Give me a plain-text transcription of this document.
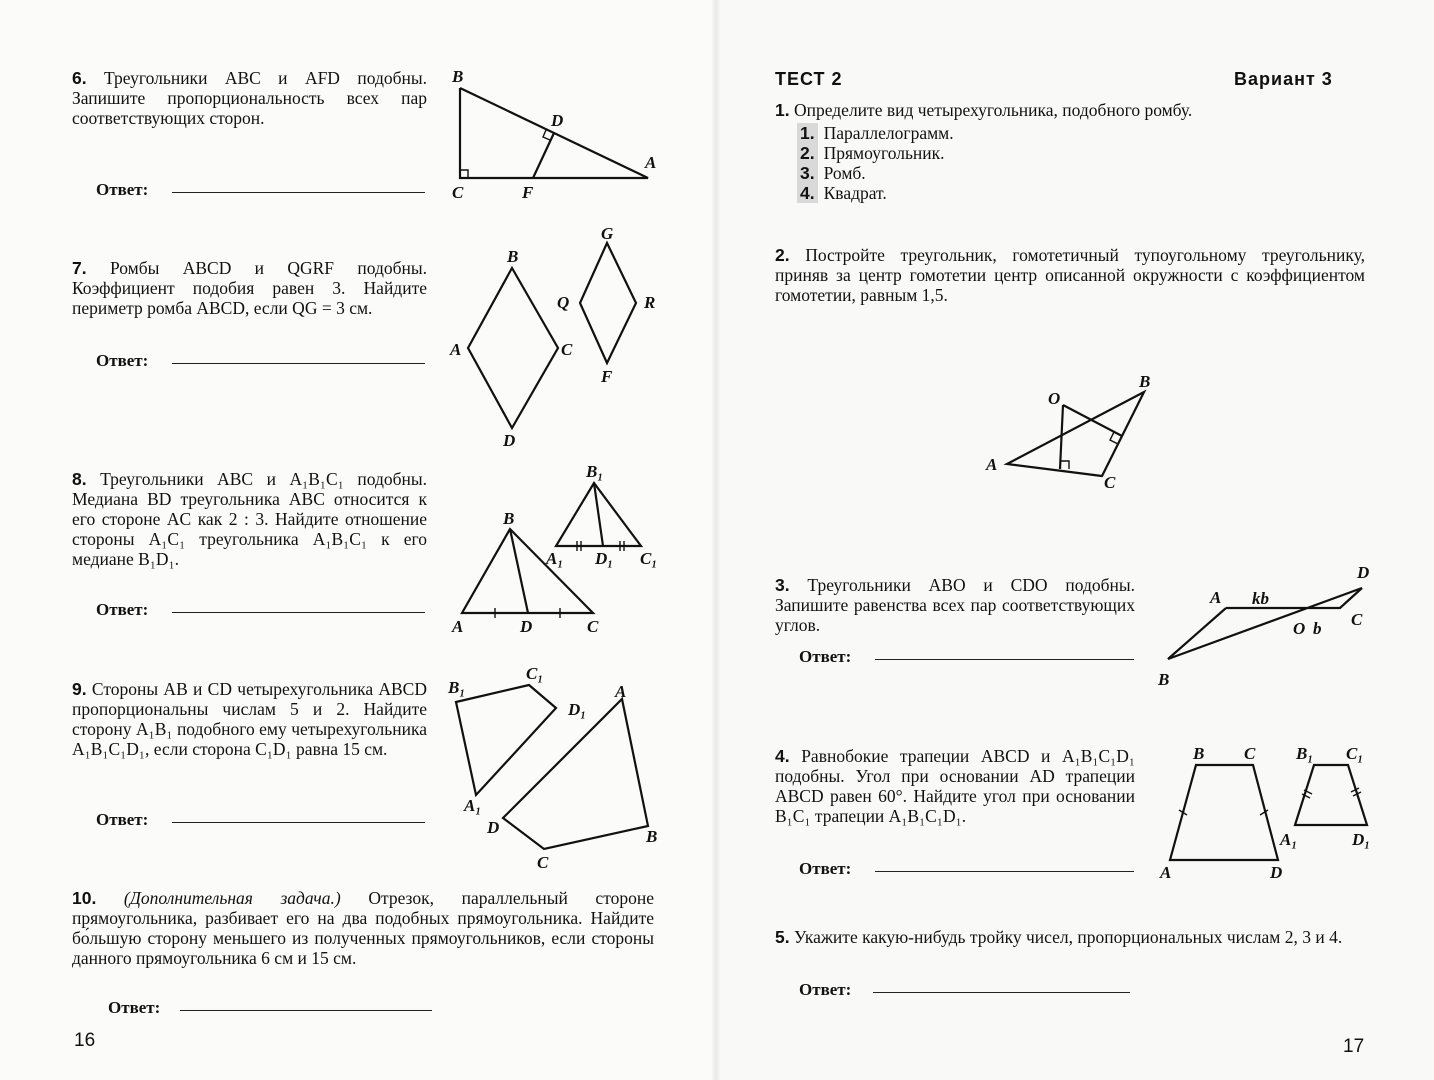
6. Треугольники ABC и AFD подобны. Запишите пропорциональность всех пар соответствующих сторон.
Ответ:
B
D
A
C	F
7. Ромбы ABCD и QGRF подобны. Коэффициент подобия равен 3. Найдите периметр ромба ABCD, если QG = 3 см.
Ответ:
B
A	C
D
G
Q	R
F
8. Треугольники ABC и A₁B₁C₁ подобны. Медиана BD треугольника ABC относится к его стороне AC как 2 : 3. Найдите отношение стороны A₁C₁ треугольника A₁B₁C₁ к его медиане B₁D₁.
Ответ:
B
A	D	C
B₁
A₁ D₁ C₁
9. Стороны AB и CD четырехугольника ABCD пропорциональны числам 5 и 2. Найдите сторону A₁B₁ подобного ему четырехугольника A₁B₁C₁D₁, если сторона C₁D₁ равна 15 см.
Ответ:
B₁
C₁
D₁
A₁
A
D	B
C
10. (Дополнительная задача.) Отрезок, параллельный стороне прямоугольника, разбивает его на два подобных прямоугольника. Найдите бо́льшую сторону меньшего из полученных прямоугольников, если стороны данного прямоугольника 6 см и 15 см.
Ответ:
16
ТЕСТ 2	Вариант 3
1. Определите вид четырехугольника, подобного ромбу.
1. Параллелограмм.
2. Прямоугольник.
3. Ромб.
4. Квадрат.
2. Постройте треугольник, гомотетичный тупоугольному треугольнику, приняв за центр гомотетии центр описанной окружности с коэффициентом гомотетии, равным 1,5.
O
B
A
C
3. Треугольники ABO и CDO подобны. Запишите равенства всех пар соответствующих углов.
Ответ:
D
A kb
C
O b
B
4. Равнобокие трапеции ABCD и A₁B₁C₁D₁ подобны. Угол при основании AD трапеции ABCD равен 60°. Найдите угол при основании B₁C₁ трапеции A₁B₁C₁D₁.
Ответ:
B C
A	D
B₁ C₁
A₁	D₁
5. Укажите какую-нибудь тройку чисел, пропорциональных числам 2, 3 и 4.
Ответ:
17
